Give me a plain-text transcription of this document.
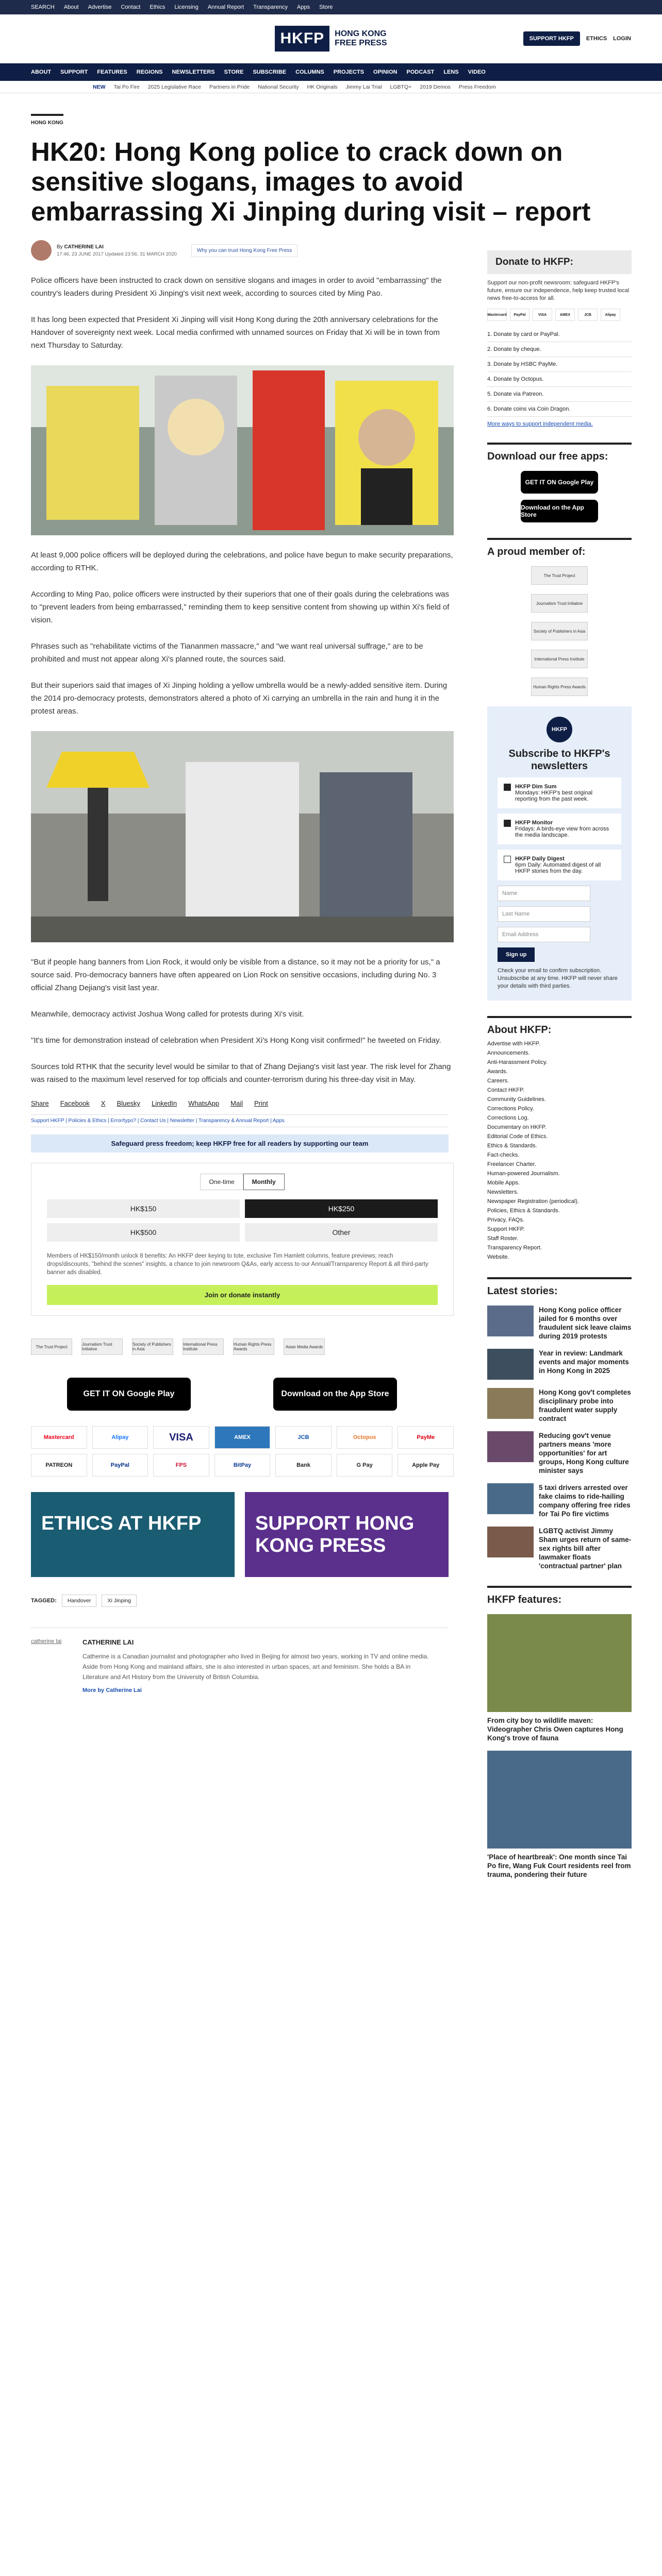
SEARCH About Advertise Contact Ethics Licensing Annual Report Transparency Apps Store
HKFP	HONG KONG
FREE PRESS	SUPPORT HKFP	ETHICS LOGIN
ABOUT SUPPORT FEATURES REGIONS NEWSLETTERS STORE SUBSCRIBE COLUMNS PROJECTS OPINION PODCAST LENS VIDEO
NEW Tai Po Fire 2025 Legislative Race Partners in Pride National Security HK Originals Jimmy Lai Trial LGBTQ+ 2019 Demos Press Freedom
HONG KONG
HK20: Hong Kong police to crack down on sensitive slogans, images to avoid embarrassing Xi Jinping during visit – report
By CATHERINE LAI
17:46, 23 JUNE 2017 Updated 23:56, 31 MARCH 2020
Why you can trust Hong Kong Free Press

Police officers have been instructed to crack down on sensitive slogans and images in order to avoid "embarrassing" the country's leaders during President Xi Jinping's visit next week, according to sources cited by Ming Pao.

It has long been expected that President Xi Jinping will visit Hong Kong during the 20th anniversary celebrations for the Handover of sovereignty next week. Local media confirmed with unnamed sources on Friday that Xi will be in town from next Thursday to Saturday.

At least 9,000 police officers will be deployed during the celebrations, and police have begun to make security preparations, according to RTHK.

According to Ming Pao, police officers were instructed by their superiors that one of their goals during the celebrations was to "prevent leaders from being embarrassed," reminding them to keep sensitive content from showing up within Xi's field of vision.

Phrases such as "rehabilitate victims of the Tiananmen massacre," and "we want real universal suffrage," are to be prohibited and must not appear along Xi's planned route, the sources said.

But their superiors said that images of Xi Jinping holding a yellow umbrella would be a newly-added sensitive item. During the 2014 pro-democracy protests, demonstrators altered a photo of Xi carrying an umbrella in the rain and hung it in the protest areas.

"But if people hang banners from Lion Rock, it would only be visible from a distance, so it may not be a priority for us," a source said. Pro-democracy banners have often appeared on Lion Rock on sensitive occasions, including during No. 3 official Zhang Dejiang's visit last year.

Meanwhile, democracy activist Joshua Wong called for protests during Xi's visit.

"It's time for demonstration instead of celebration when President Xi's Hong Kong visit confirmed!" he tweeted on Friday.

Sources told RTHK that the security level would be similar to that of Zhang Dejiang's visit last year. The risk level for Zhang was raised to the maximum level reserved for top officials and counter-terrorism during his three-day visit in May.

Share Facebook X Bluesky LinkedIn WhatsApp Mail Print
Support HKFP | Policies & Ethics | Error/typo? | Contact Us | Newsletter | Transparency & Annual Report | Apps
Safeguard press freedom; keep HKFP free for all readers by supporting our team
One-time	Monthly
HK$150	HK$250
HK$500	Other
Members of HK$150/month unlock 8 benefits: An HKFP deer keying to tote, exclusive Tim Hamlett columns, feature previews; reach drops/discounts, "behind the scenes" insights, a chance to join newsroom Q&As, early access to our Annual/Transparency Report & all third-party banner ads disabled.
Join or donate instantly
The Trust Project	Journalism Trust Initiative
Society of Publishers in Asia
International Press Institute
Human Rights Press Awards	Asian Media Awards
GET IT ON Google Play	Download on the App Store
Mastercard	Alipay	VISA	AMEX	JCB	Octopus	PayMe
PATREON	PayPal	FPS	BitPay	Bank	G Pay	Apple Pay
ETHICS AT HKFP	SUPPORT HONG KONG PRESS
TAGGED:	Handover	Xi Jinping
catherine lai	CATHERINE LAI

Catherine is a Canadian journalist and photographer who lived in Beijing for almost two years, working in TV and online media. Aside from Hong Kong and mainland affairs, she is also interested in urban spaces, art and feminism. She holds a BA in Literature and Art History from the University of British Columbia.

More by Catherine Lai
Donate to HKFP:
Support our non-profit newsroom: safeguard HKFP's future, ensure our independence, help keep trusted local news free-to-access for all.
Mastercard	PayPal	VISA	AMEX	JCB	Alipay
1. Donate by card or PayPal.
2. Donate by cheque.
3. Donate by HSBC PayMe.
4. Donate by Octopus.
5. Donate via Patreon.
6. Donate coins via Coin Dragon.
More ways to support independent media.
Download our free apps:
GET IT ON Google Play
Download on the App Store
A proud member of:
The Trust Project
Journalism Trust Initiative
Society of Publishers in Asia
International Press Institute
Human Rights Press Awards
HKFP
Subscribe to HKFP's newsletters
HKFP Dim Sum
Mondays: HKFP's best original reporting from the past week.
HKFP Monitor
Fridays: A birds-eye view from across the media landscape.
HKFP Daily Digest
6pm Daily: Automated digest of all HKFP stories from the day.
Name
Last Name
Email Address
Sign up
Check your email to confirm subscription. Unsubscribe at any time. HKFP will never share your details with third parties.
About HKFP:
Advertise with HKFP.
Announcements.
Anti-Harassment Policy.
Awards.
Careers.
Contact HKFP.
Community Guidelines.
Corrections Policy.
Corrections Log.
Documentary on HKFP.
Editorial Code of Ethics.
Ethics & Standards.
Fact-checks.
Freelancer Charter.
Human-powered Journalism.
Mobile Apps.
Newsletters.
Newspaper Registration (periodical).
Policies, Ethics & Standards.
Privacy, FAQs.
Support HKFP.
Staff Roster.
Transparency Report.
Website.
Latest stories:
Hong Kong police officer jailed for 6 months over fraudulent sick leave claims during 2019 protests
Year in review: Landmark events and major moments in Hong Kong in 2025
Hong Kong gov't completes disciplinary probe into fraudulent water supply contract
Reducing gov't venue partners means 'more opportunities' for art groups, Hong Kong culture minister says
5 taxi drivers arrested over fake claims to ride-hailing company offering free rides for Tai Po fire victims
LGBTQ activist Jimmy Sham urges return of same-sex rights bill after lawmaker floats 'contractual partner' plan
HKFP features:
From city boy to wildlife maven: Videographer Chris Owen captures Hong Kong's trove of fauna
'Place of heartbreak': One month since Tai Po fire, Wang Fuk Court residents reel from trauma, pondering their future
